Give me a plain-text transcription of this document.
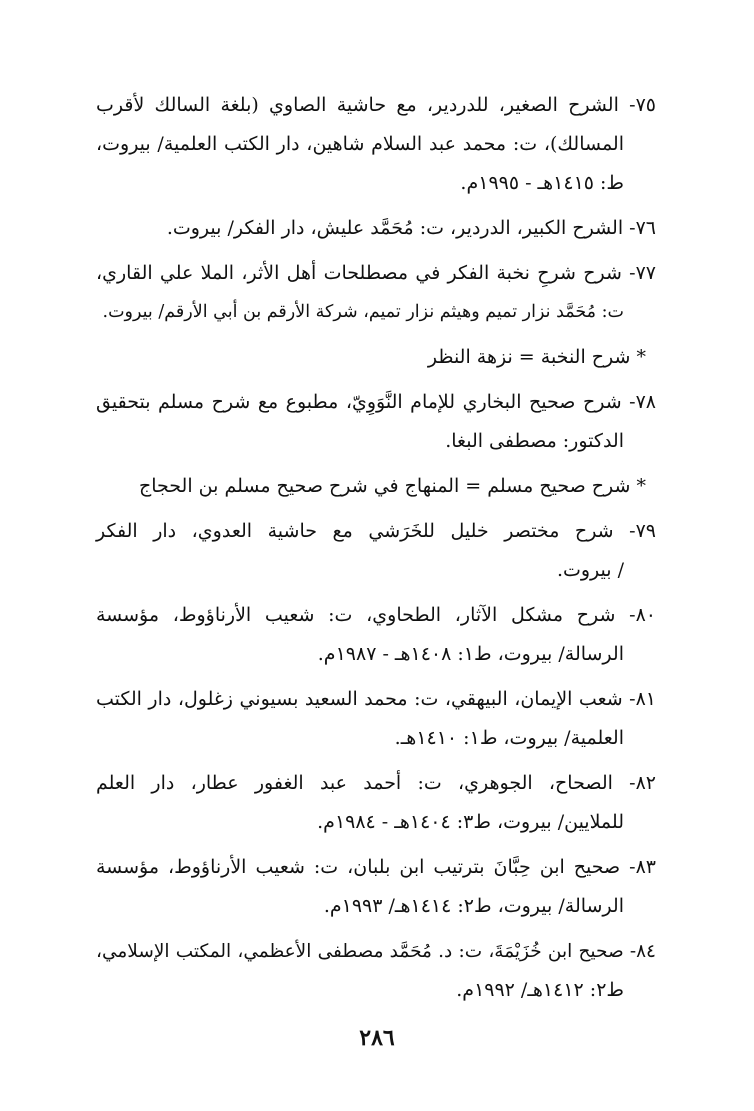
٧٥- الشرح الصغير، للدردير، مع حاشية الصاوي (بلغة السالك لأقرب
المسالك)، ت: محمد عبد السلام شاهين، دار الكتب العلمية/ بيروت،
ط: ١٤١٥هـ - ١٩٩٥م.
٧٦- الشرح الكبير، الدردير، ت: مُحَمَّد عليش، دار الفكر/ بيروت.
٧٧- شرح شرحِ نخبة الفكر في مصطلحات أهل الأثر، الملا علي القاري،
ت: مُحَمَّد نزار تميم وهيثم نزار تميم، شركة الأرقم بن أبي الأرقم/ بيروت.
* شرح النخبة = نزهة النظر
٧٨- شرح صحيح البخاري للإمام النَّوَوِيّ، مطبوع مع شرح مسلم بتحقيق
الدكتور: مصطفى البغا.
* شرح صحيح مسلم = المنهاج في شرح صحيح مسلم بن الحجاج
٧٩- شرح مختصر خليل للخَرَشي مع حاشية العدوي، دار الفكر
/ بيروت.
٨٠- شرح مشكل الآثار، الطحاوي، ت: شعيب الأرناؤوط، مؤسسة
الرسالة/ بيروت، ط١: ١٤٠٨هـ - ١٩٨٧م.
٨١- شعب الإيمان، البيهقي، ت: محمد السعيد بسيوني زغلول، دار الكتب
العلمية/ بيروت، ط١: ١٤١٠هـ.
٨٢- الصحاح، الجوهري، ت: أحمد عبد الغفور عطار، دار العلم
للملايين/ بيروت، ط٣: ١٤٠٤هـ - ١٩٨٤م.
٨٣- صحيح ابن حِبَّانَ بترتيب ابن بلبان، ت: شعيب الأرناؤوط، مؤسسة
الرسالة/ بيروت، ط٢: ١٤١٤هـ/ ١٩٩٣م.
٨٤- صحيح ابن خُزَيْمَةَ، ت: د. مُحَمَّد مصطفى الأعظمي، المكتب الإسلامي،
ط٢: ١٤١٢هـ/ ١٩٩٢م.
٢٨٦
